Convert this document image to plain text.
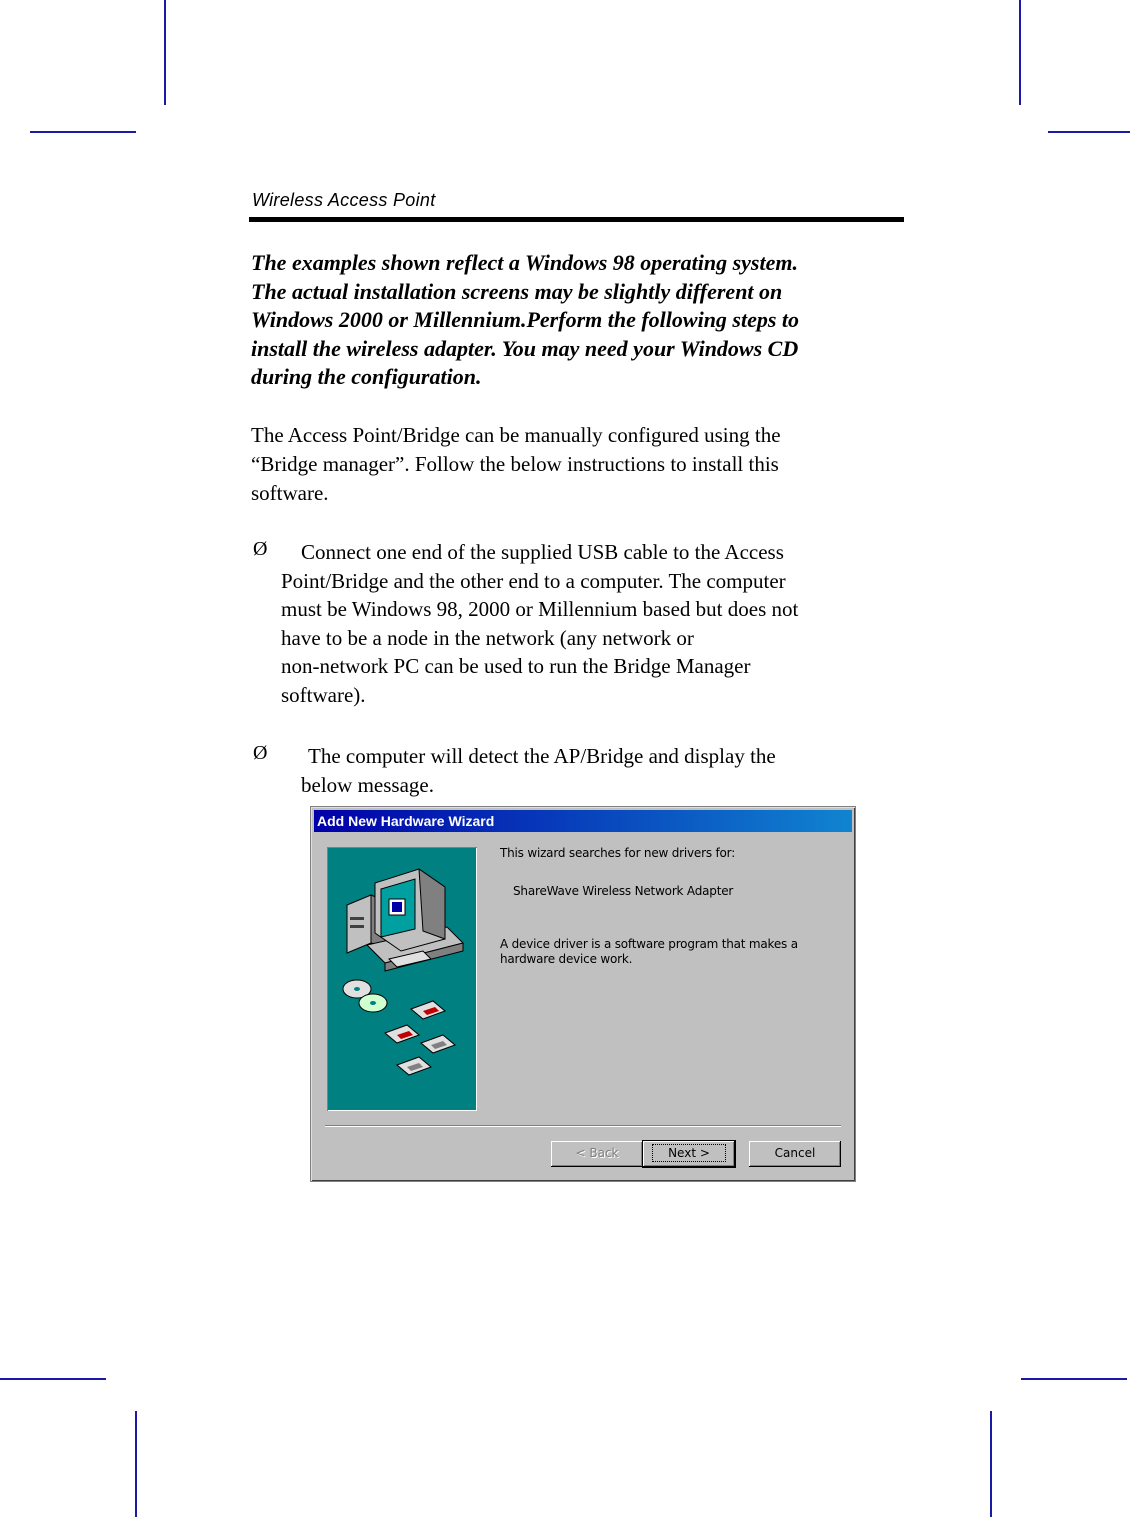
Wireless Access Point
The examples shown reflect a Windows 98 operating system.
The actual installation screens may be slightly different on
Windows 2000 or Millennium.Perform the following steps to
install the wireless adapter. You may need your Windows CD
during the configuration.
The Access Point/Bridge can be manually configured using the
“Bridge manager”. Follow the below instructions to install this
software.
Ø	Connect one end of the supplied USB cable to the Access
Point/Bridge and the other end to a computer. The computer
must be Windows 98, 2000 or Millennium based but does not
have to be a node in the network (any network or
non-network PC can be used to run the Bridge Manager
software).
Ø	The computer will detect the AP/Bridge and display the
below message.
Add New Hardware Wizard
This wizard searches for new drivers for:
ShareWave Wireless Network Adapter
A device driver is a software program that makes a
hardware device work.
< Back	Next >	Cancel
